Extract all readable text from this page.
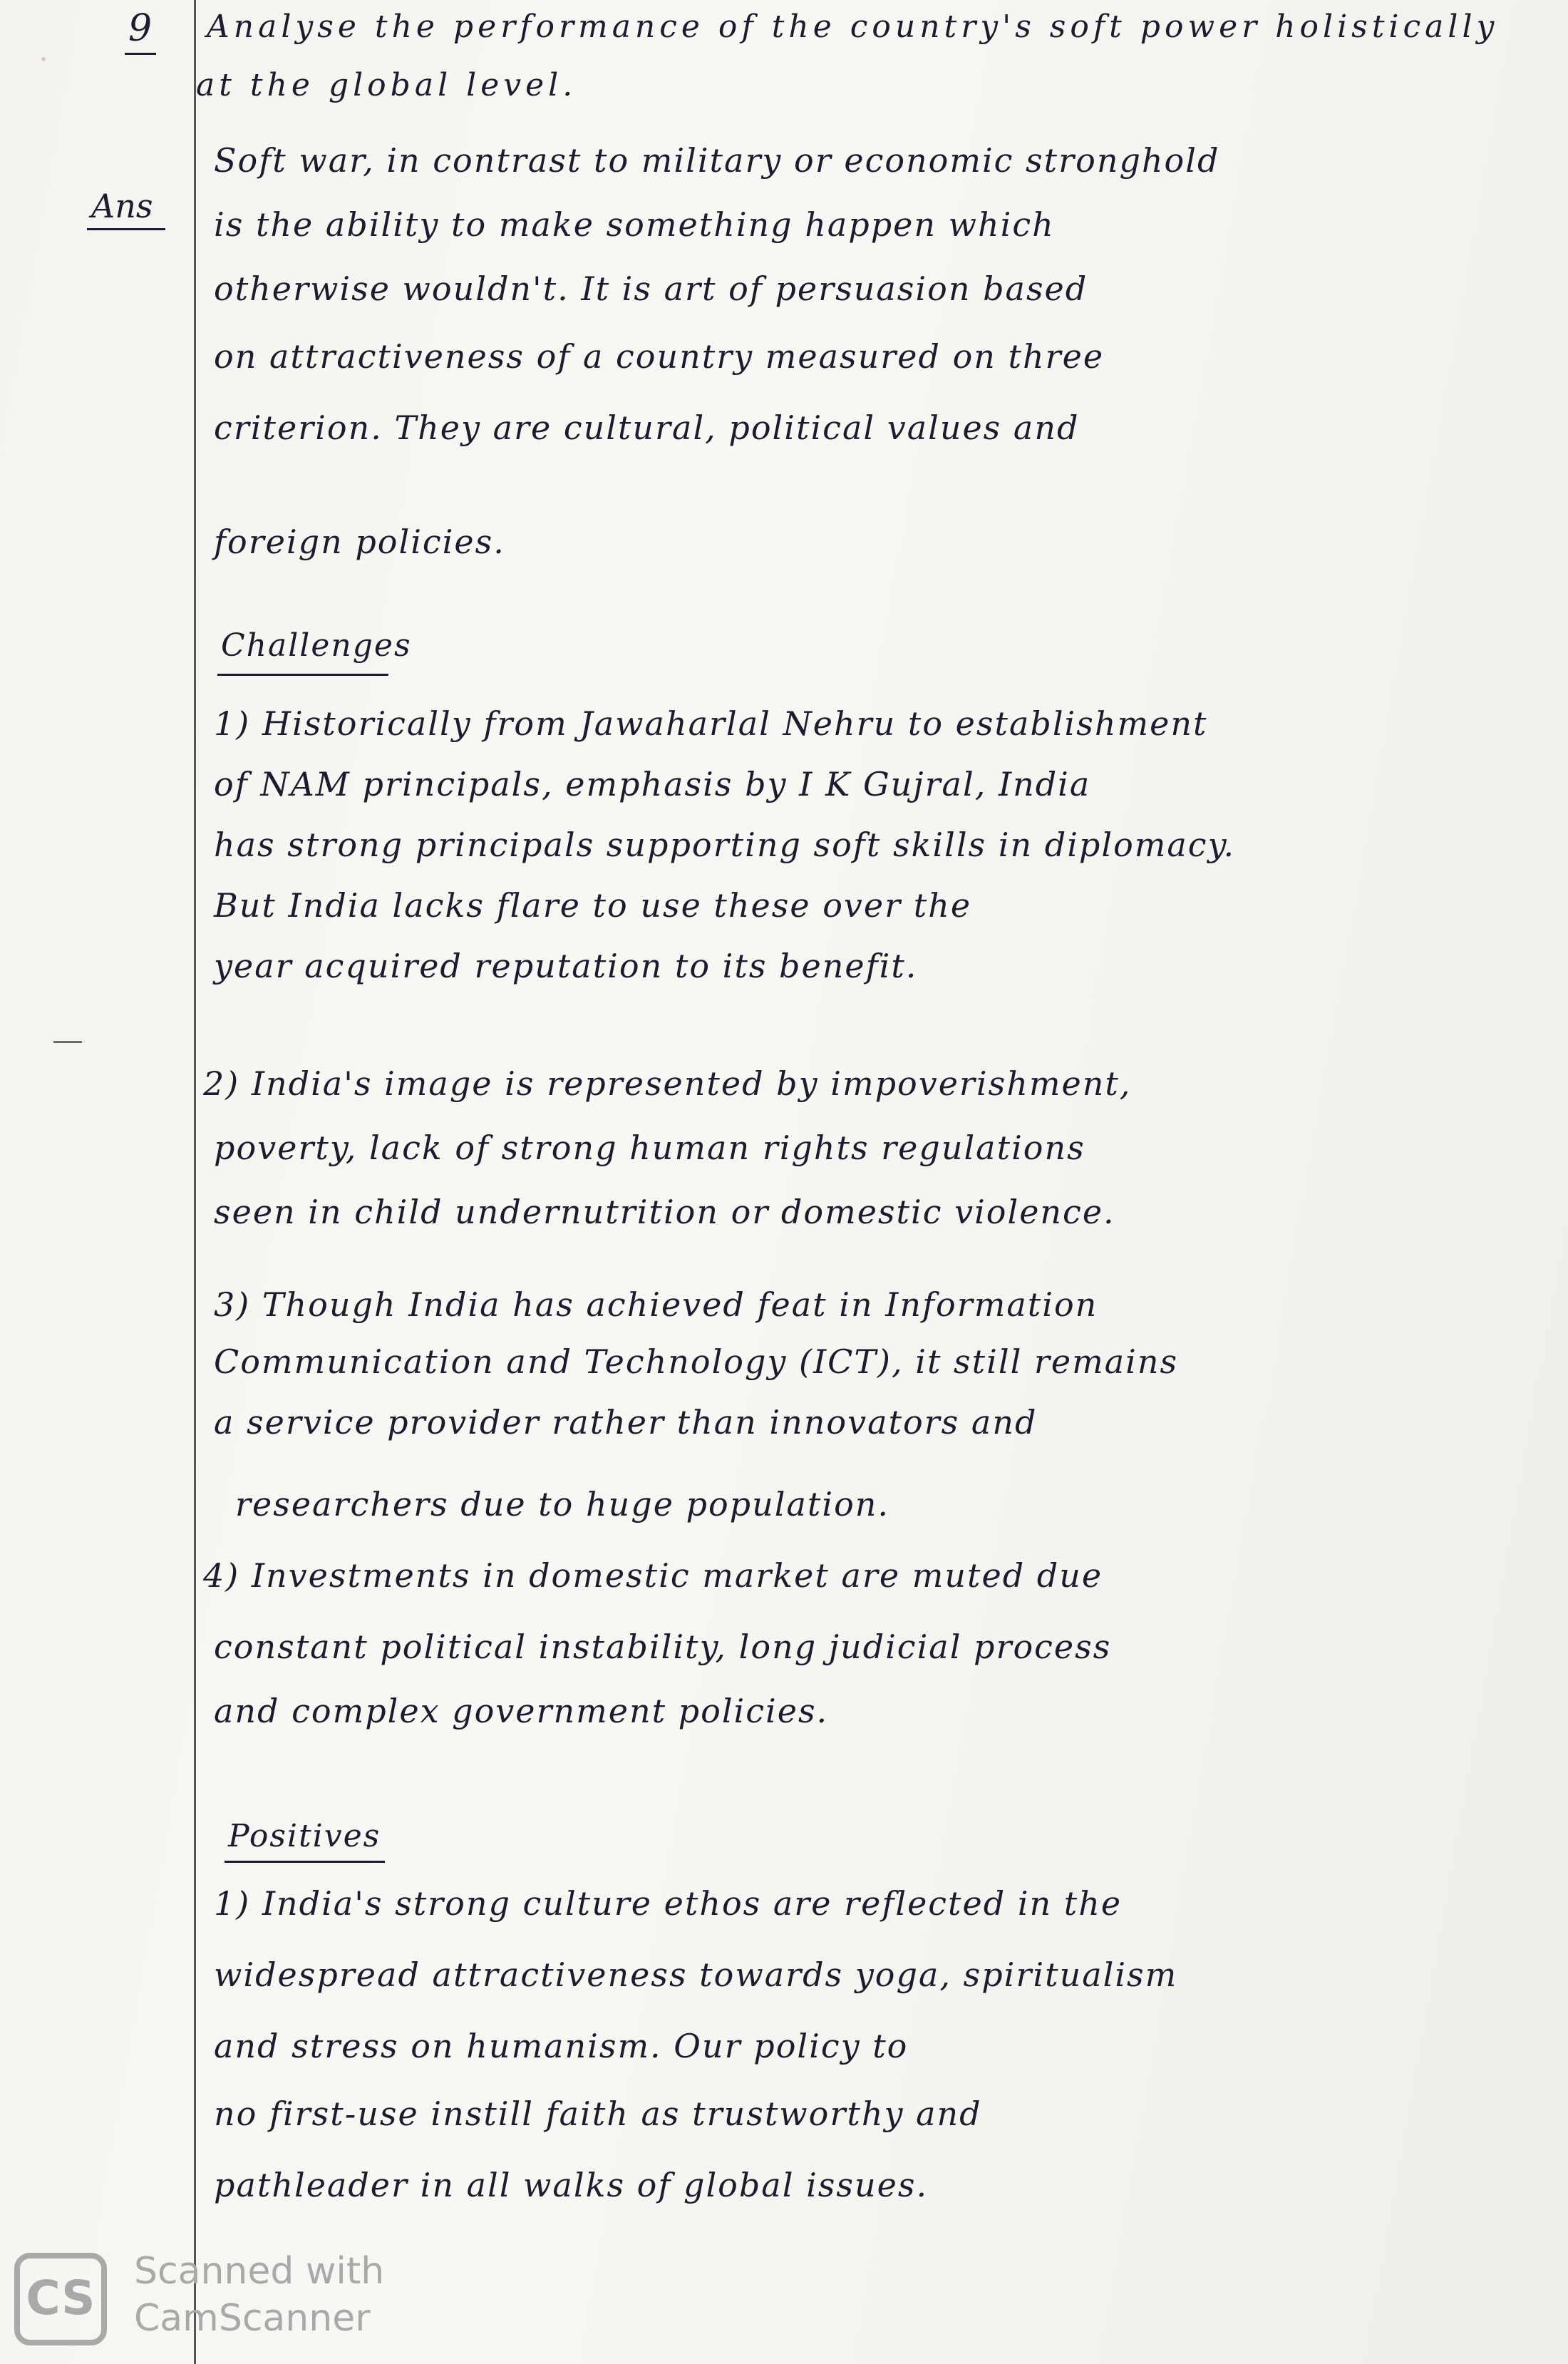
9 Analyse the performance of the country's soft power holistically
at the global level.
Ans
Soft war, in contrast to military or economic stronghold
is the ability to make something happen which
otherwise wouldn't. It is art of persuasion based
on attractiveness of a country measured on three
criterion. They are cultural, political values and
foreign policies.
Challenges
1) Historically from Jawaharlal Nehru to establishment
of NAM principals, emphasis by I K Gujral, India
has strong principals supporting soft skills in diplomacy.
But India lacks flare to use these over the
year acquired reputation to its benefit.
2) India's image is represented by impoverishment,
poverty, lack of strong human rights regulations
seen in child undernutrition or domestic violence.
3) Though India has achieved feat in Information
Communication and Technology (ICT), it still remains
a service provider rather than innovators and
researchers due to huge population.
4) Investments in domestic market are muted due
constant political instability, long judicial process
and complex government policies.
Positives
1) India's strong culture ethos are reflected in the
widespread attractiveness towards yoga, spiritualism
and stress on humanism. Our policy to
no first-use instill faith as trustworthy and
pathleader in all walks of global issues.
CS	Scanned with
CamScanner
